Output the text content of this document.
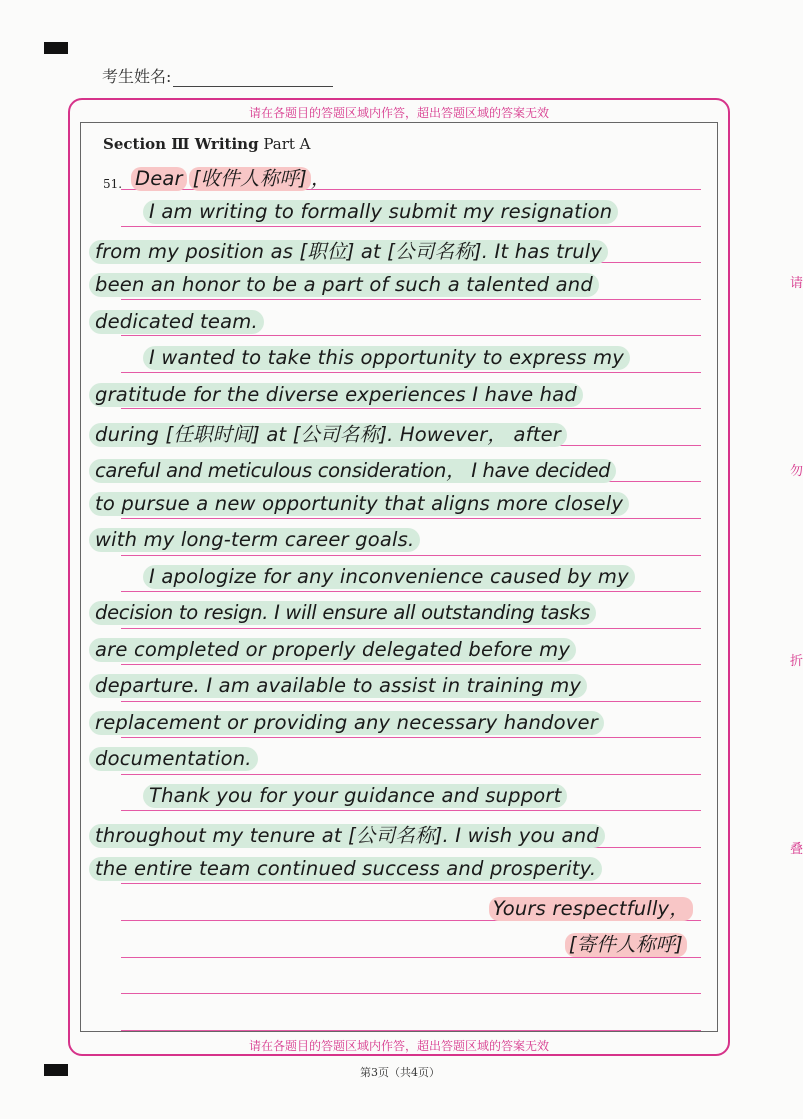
考生姓名:
请在各题目的答题区域内作答，超出答题区域的答案无效
Section Ⅲ Writing Part A
51. Dear [收件人称呼] ，
I am writing to formally submit my resignation
from my position as [职位] at [公司名称]. It has truly
been an honor to be a part of such a talented and
dedicated team.
I wanted to take this opportunity to express my
gratitude for the diverse experiences I have had
during [任职时间] at [公司名称]. However， after
careful and meticulous consideration， I have decided
to pursue a new opportunity that aligns more closely
with my long-term career goals.
I apologize for any inconvenience caused by my
decision to resign. I will ensure all outstanding tasks
are completed or properly delegated before my
departure. I am available to assist in training my
replacement or providing any necessary handover
documentation.
Thank you for your guidance and support
throughout my tenure at [公司名称]. I wish you and
the entire team continued success and prosperity.
Yours respectfully，
[寄件人称呼]
请在各题目的答题区域内作答，超出答题区域的答案无效
第3页（共4页）
请
勿
折
叠
